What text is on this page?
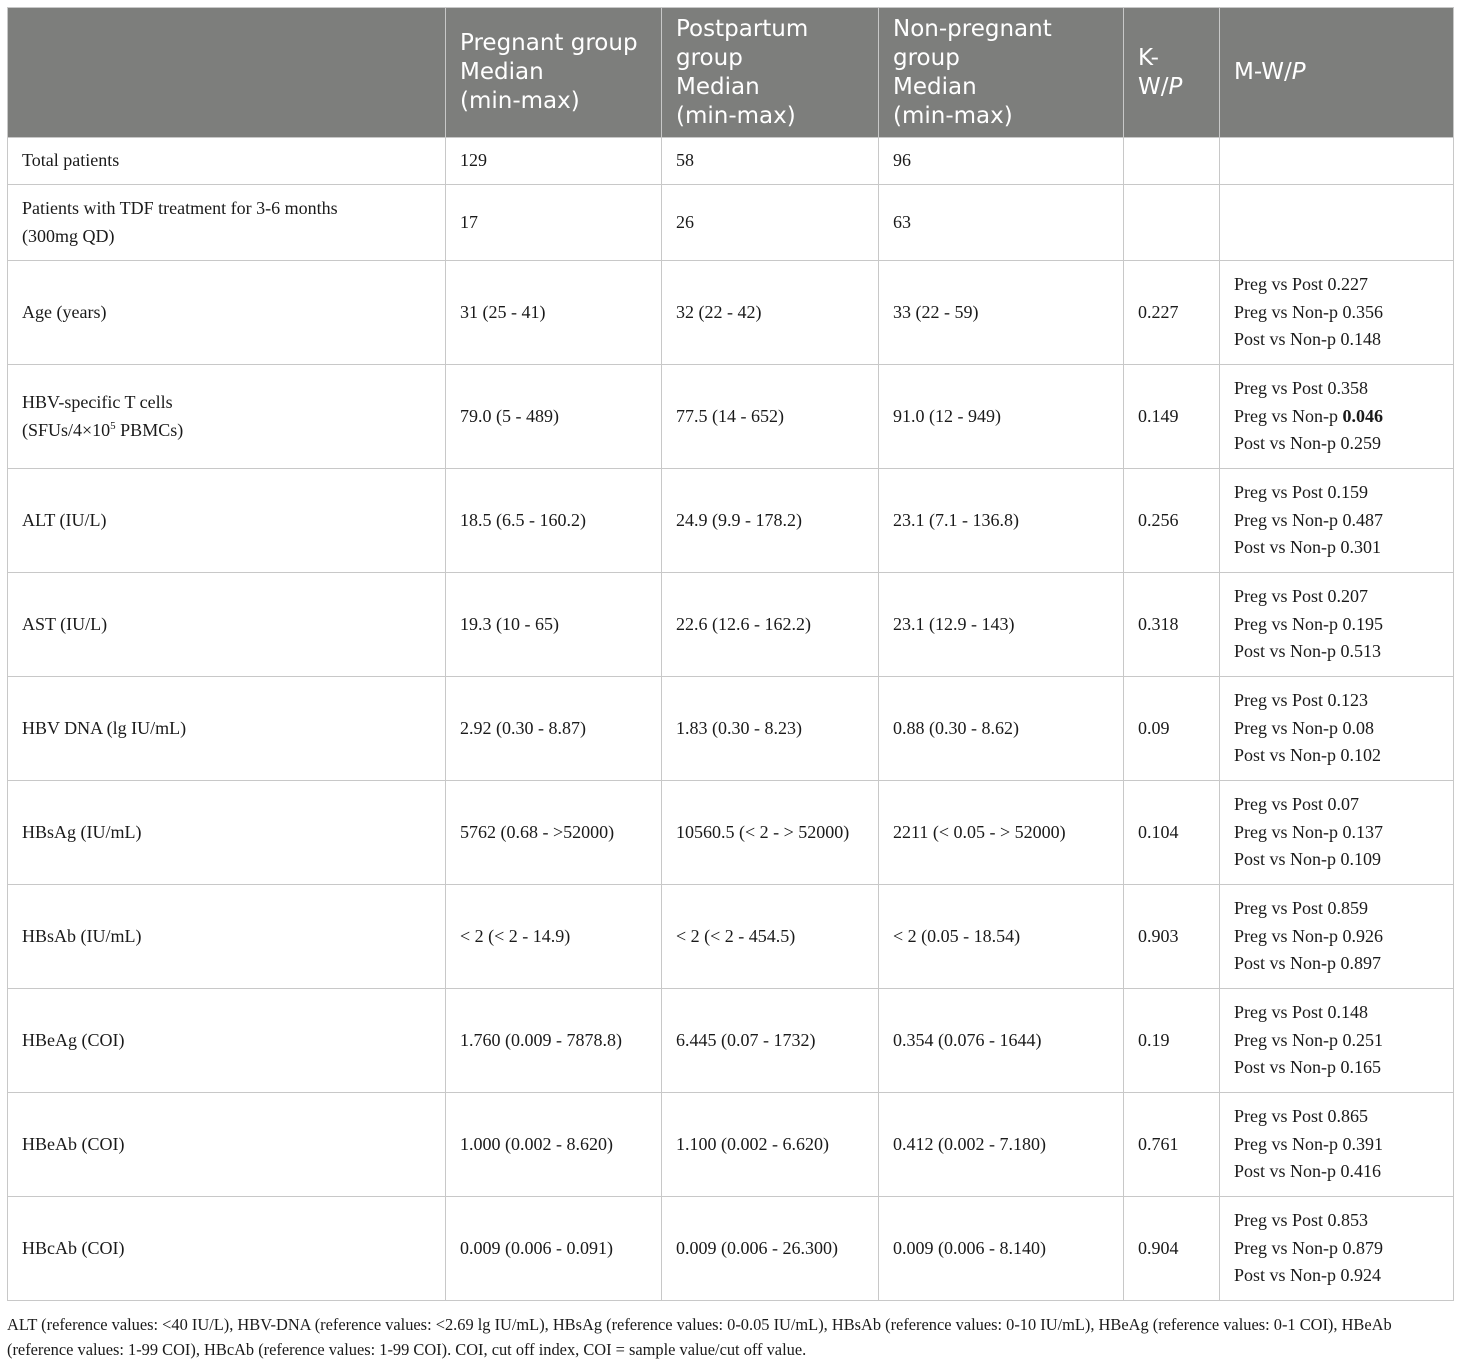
	Pregnant group
Median
(min-max)	Postpartum
group
Median
(min-max)	Non-pregnant
group
Median
(min-max)	K-
W/P	M-W/P
Total patients	129	58	96		

Patients with TDF treatment for 3-6 months
(300mg QD)	17	26	63		
Age (years)	31 (25 - 41)	32 (22 - 42)	33 (22 - 59)	0.227	Preg vs Post 0.227
Preg vs Non-p 0.356
Post vs Non-p 0.148

HBV-specific T cells
($SFUs/4\times 10^5$ PBMCs)	79.0 (5 - 489)	77.5 (14 - 652)	91.0 (12 - 949)	0.149	Preg vs Post 0.358
Preg vs Non-p 0.046
Post vs Non-p 0.259

ALT (IU/L)	18.5 (6.5 - 160.2)	24.9 (9.9 - 178.2)	23.1 (7.1 - 136.8)	0.256	Preg vs Post 0.159
Preg vs Non-p 0.487
Post vs Non-p 0.301

AST (IU/L)	19.3 (10 - 65)	22.6 (12.6 - 162.2)	23.1 (12.9 - 143)	0.318	Preg vs Post 0.207
Preg vs Non-p 0.195
Post vs Non-p 0.513

HBV DNA (lg IU/mL)	2.92 (0.30 - 8.87)	1.83 (0.30 - 8.23)	0.88 (0.30 - 8.62)	0.09	Preg vs Post 0.123
Preg vs Non-p 0.08
Post vs Non-p 0.102

HBsAg (IU/mL)	5762 (0.68 - >52000)	10560.5 (< 2 - > 52000)	2211 (< 0.05 - > 52000)	0.104	Preg vs Post 0.07
Preg vs Non-p 0.137
Post vs Non-p 0.109

HBsAb (IU/mL)	< 2 (< 2 - 14.9)	< 2 (< 2 - 454.5)	< 2 (0.05 - 18.54)	0.903	Preg vs Post 0.859
Preg vs Non-p 0.926
Post vs Non-p 0.897

HBeAg (COI)	1.760 (0.009 - 7878.8)	6.445 (0.07 - 1732)	0.354 (0.076 - 1644)	0.19	Preg vs Post 0.148
Preg vs Non-p 0.251
Post vs Non-p 0.165

HBeAb (COI)	1.000 (0.002 - 8.620)	1.100 (0.002 - 6.620)	0.412 (0.002 - 7.180)	0.761	Preg vs Post 0.865
Preg vs Non-p 0.391
Post vs Non-p 0.416

HBcAb (COI)	0.009 (0.006 - 0.091)	0.009 (0.006 - 26.300)	0.009 (0.006 - 8.140)	0.904	Preg vs Post 0.853
Preg vs Non-p 0.879
Post vs Non-p 0.924

ALT (reference values: <40 IU/L), HBV-DNA (reference values: <2.69 lg IU/mL), HBsAg (reference values: 0-0.05 IU/mL), HBsAb (reference values: 0-10 IU/mL), HBeAg (reference values: 0-1 COI), HBeAb (reference values: 1-99 COI), HBcAb (reference values: 1-99 COI). COI, cut off index, COI = sample value/cut off value.
